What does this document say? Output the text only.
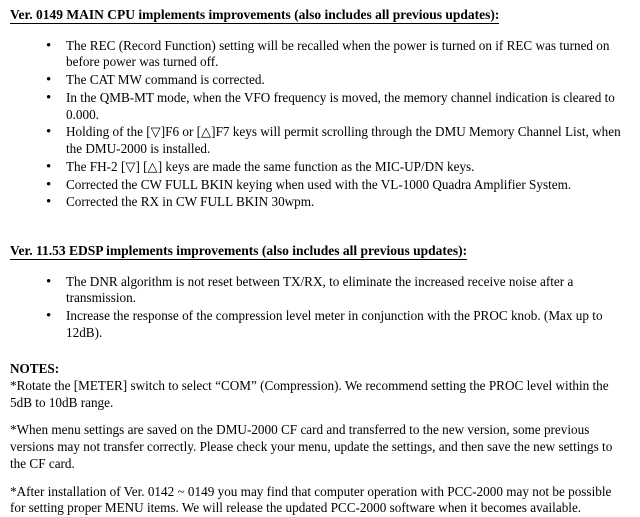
Ver. 0149 MAIN CPU implements improvements (also includes all previous updates):
• The REC (Record Function) setting will be recalled when the power is turned on if REC was turned on before power was turned off.
• The CAT MW command is corrected.
• In the QMB-MT mode, when the VFO frequency is moved, the memory channel indication is cleared to 0.000.
• Holding of the [▽]F6 or [△]F7 keys will permit scrolling through the DMU Memory Channel List, when the DMU-2000 is installed.
• The FH-2 [▽] [△] keys are made the same function as the MIC-UP/DN keys.
• Corrected the CW FULL BKIN keying when used with the VL-1000 Quadra Amplifier System.
• Corrected the RX in CW FULL BKIN 30wpm.
Ver. 11.53 EDSP implements improvements (also includes all previous updates):
• The DNR algorithm is not reset between TX/RX, to eliminate the increased receive noise after a transmission.
• Increase the response of the compression level meter in conjunction with the PROC knob. (Max up to 12dB).
NOTES:

*Rotate the [METER] switch to select “COM” (Compression). We recommend setting the PROC level within the 5dB to 10dB range.

*When menu settings are saved on the DMU-2000 CF card and transferred to the new version, some previous versions may not transfer correctly. Please check your menu, update the settings, and then save the new settings to the CF card.

*After installation of Ver. 0142 ~ 0149 you may find that computer operation with PCC-2000 may not be possible for setting proper MENU items. We will release the updated PCC-2000 software when it becomes available.
